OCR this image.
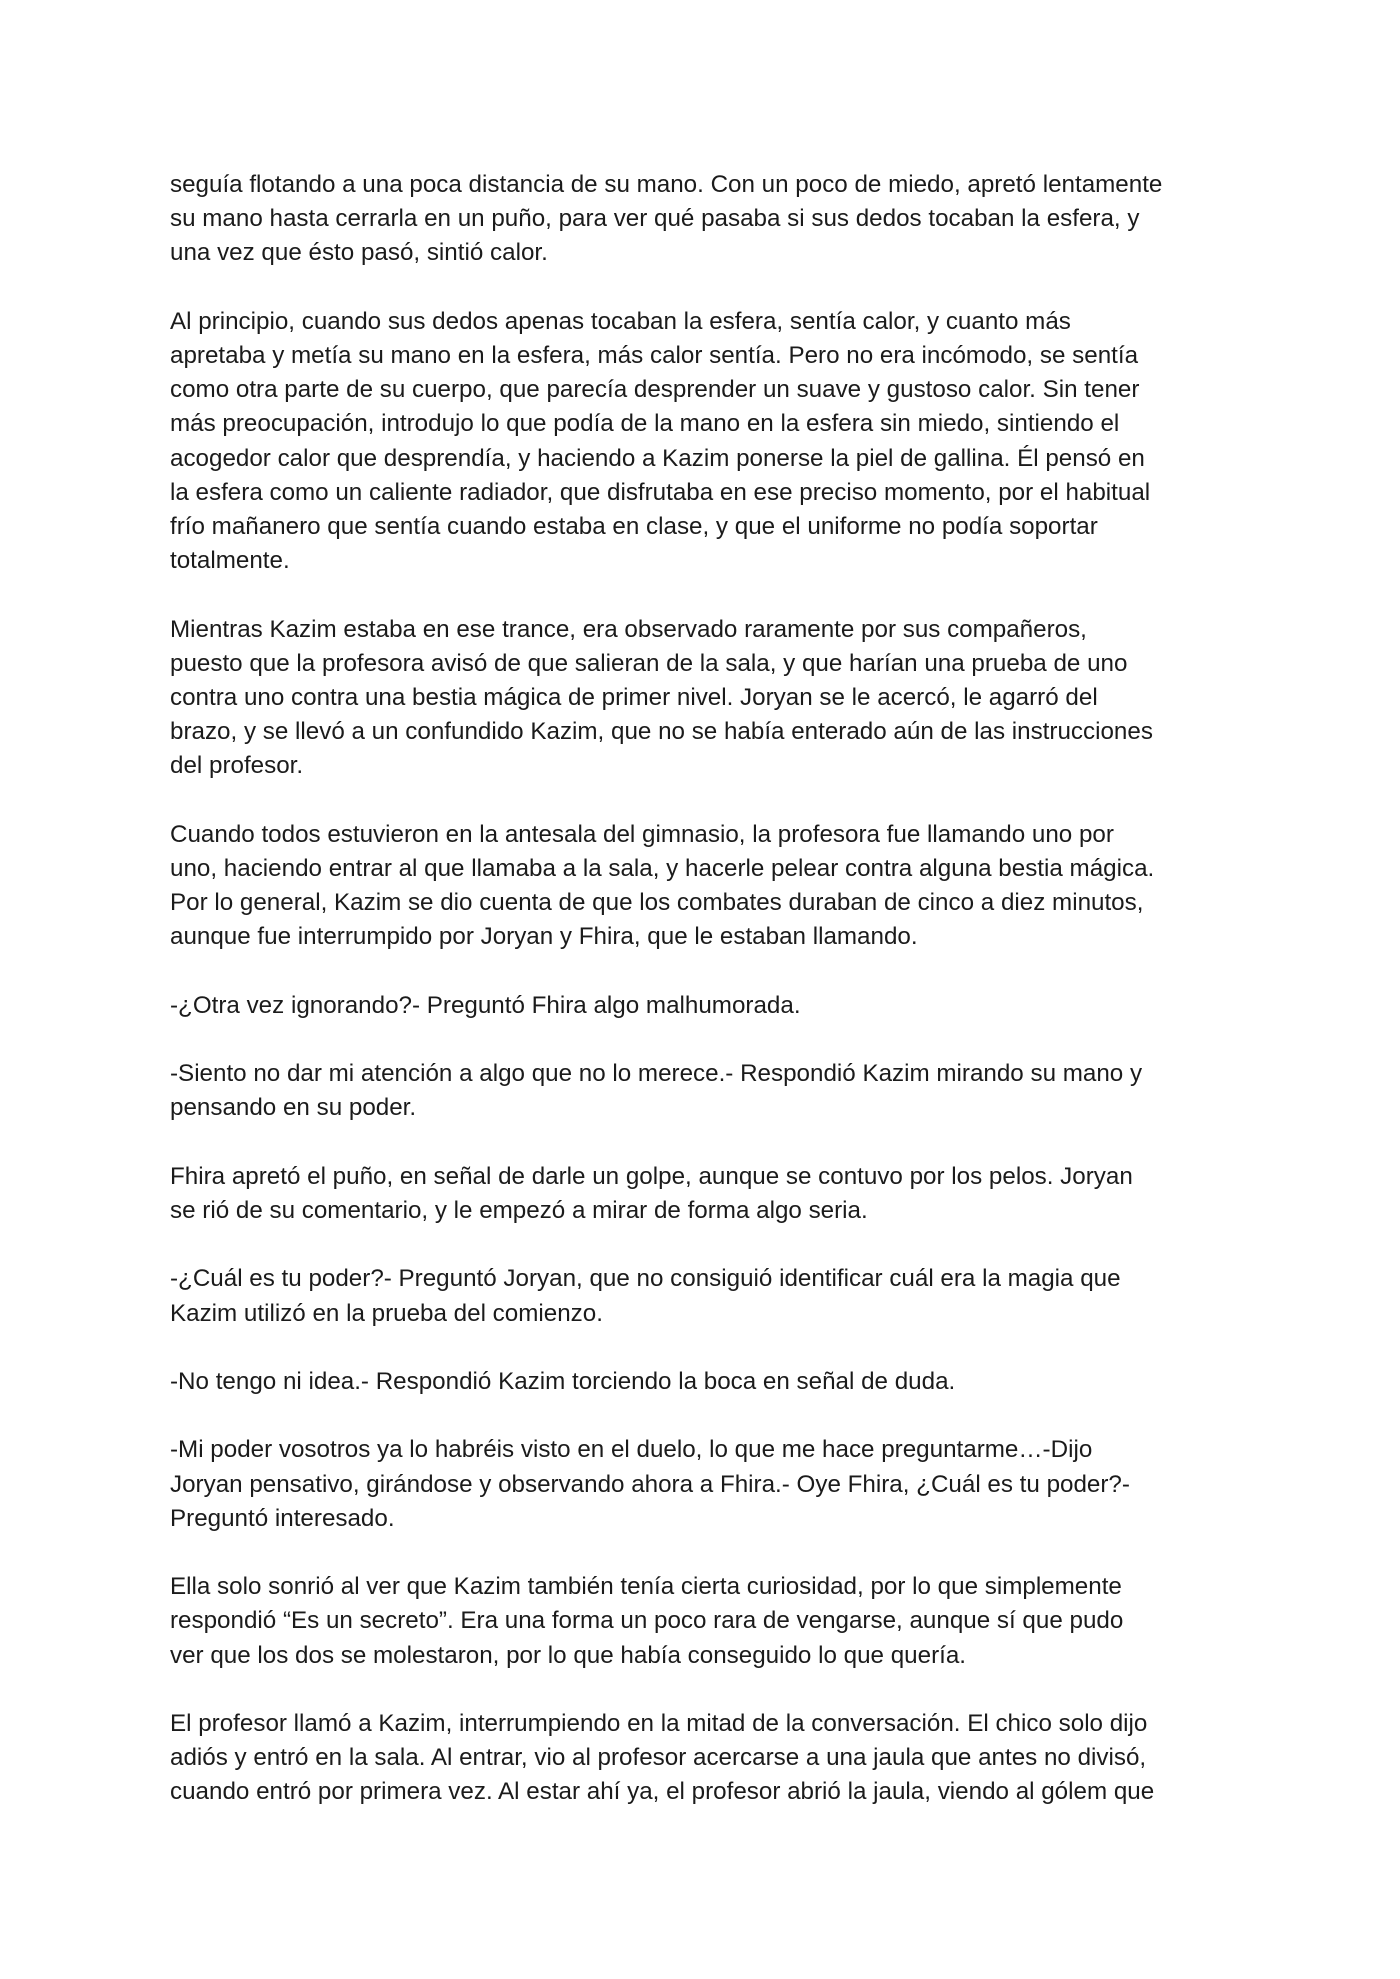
seguía flotando a una poca distancia de su mano. Con un poco de miedo, apretó lentamente
su mano hasta cerrarla en un puño, para ver qué pasaba si sus dedos tocaban la esfera, y
una vez que ésto pasó, sintió calor.

Al principio, cuando sus dedos apenas tocaban la esfera, sentía calor, y cuanto más
apretaba y metía su mano en la esfera, más calor sentía. Pero no era incómodo, se sentía
como otra parte de su cuerpo, que parecía desprender un suave y gustoso calor. Sin tener
más preocupación, introdujo lo que podía de la mano en la esfera sin miedo, sintiendo el
acogedor calor que desprendía, y haciendo a Kazim ponerse la piel de gallina. Él pensó en
la esfera como un caliente radiador, que disfrutaba en ese preciso momento, por el habitual
frío mañanero que sentía cuando estaba en clase, y que el uniforme no podía soportar
totalmente.

Mientras Kazim estaba en ese trance, era observado raramente por sus compañeros,
puesto que la profesora avisó de que salieran de la sala, y que harían una prueba de uno
contra uno contra una bestia mágica de primer nivel. Joryan se le acercó, le agarró del
brazo, y se llevó a un confundido Kazim, que no se había enterado aún de las instrucciones
del profesor.

Cuando todos estuvieron en la antesala del gimnasio, la profesora fue llamando uno por
uno, haciendo entrar al que llamaba a la sala, y hacerle pelear contra alguna bestia mágica.
Por lo general, Kazim se dio cuenta de que los combates duraban de cinco a diez minutos,
aunque fue interrumpido por Joryan y Fhira, que le estaban llamando.

-¿Otra vez ignorando?- Preguntó Fhira algo malhumorada.

-Siento no dar mi atención a algo que no lo merece.- Respondió Kazim mirando su mano y
pensando en su poder.

Fhira apretó el puño, en señal de darle un golpe, aunque se contuvo por los pelos. Joryan
se rió de su comentario, y le empezó a mirar de forma algo seria.

-¿Cuál es tu poder?- Preguntó Joryan, que no consiguió identificar cuál era la magia que
Kazim utilizó en la prueba del comienzo.

-No tengo ni idea.- Respondió Kazim torciendo la boca en señal de duda.

-Mi poder vosotros ya lo habréis visto en el duelo, lo que me hace preguntarme…-Dijo
Joryan pensativo, girándose y observando ahora a Fhira.- Oye Fhira, ¿Cuál es tu poder?-
Preguntó interesado.

Ella solo sonrió al ver que Kazim también tenía cierta curiosidad, por lo que simplemente
respondió “Es un secreto”. Era una forma un poco rara de vengarse, aunque sí que pudo
ver que los dos se molestaron, por lo que había conseguido lo que quería.

El profesor llamó a Kazim, interrumpiendo en la mitad de la conversación. El chico solo dijo
adiós y entró en la sala. Al entrar, vio al profesor acercarse a una jaula que antes no divisó,
cuando entró por primera vez. Al estar ahí ya, el profesor abrió la jaula, viendo al gólem que
